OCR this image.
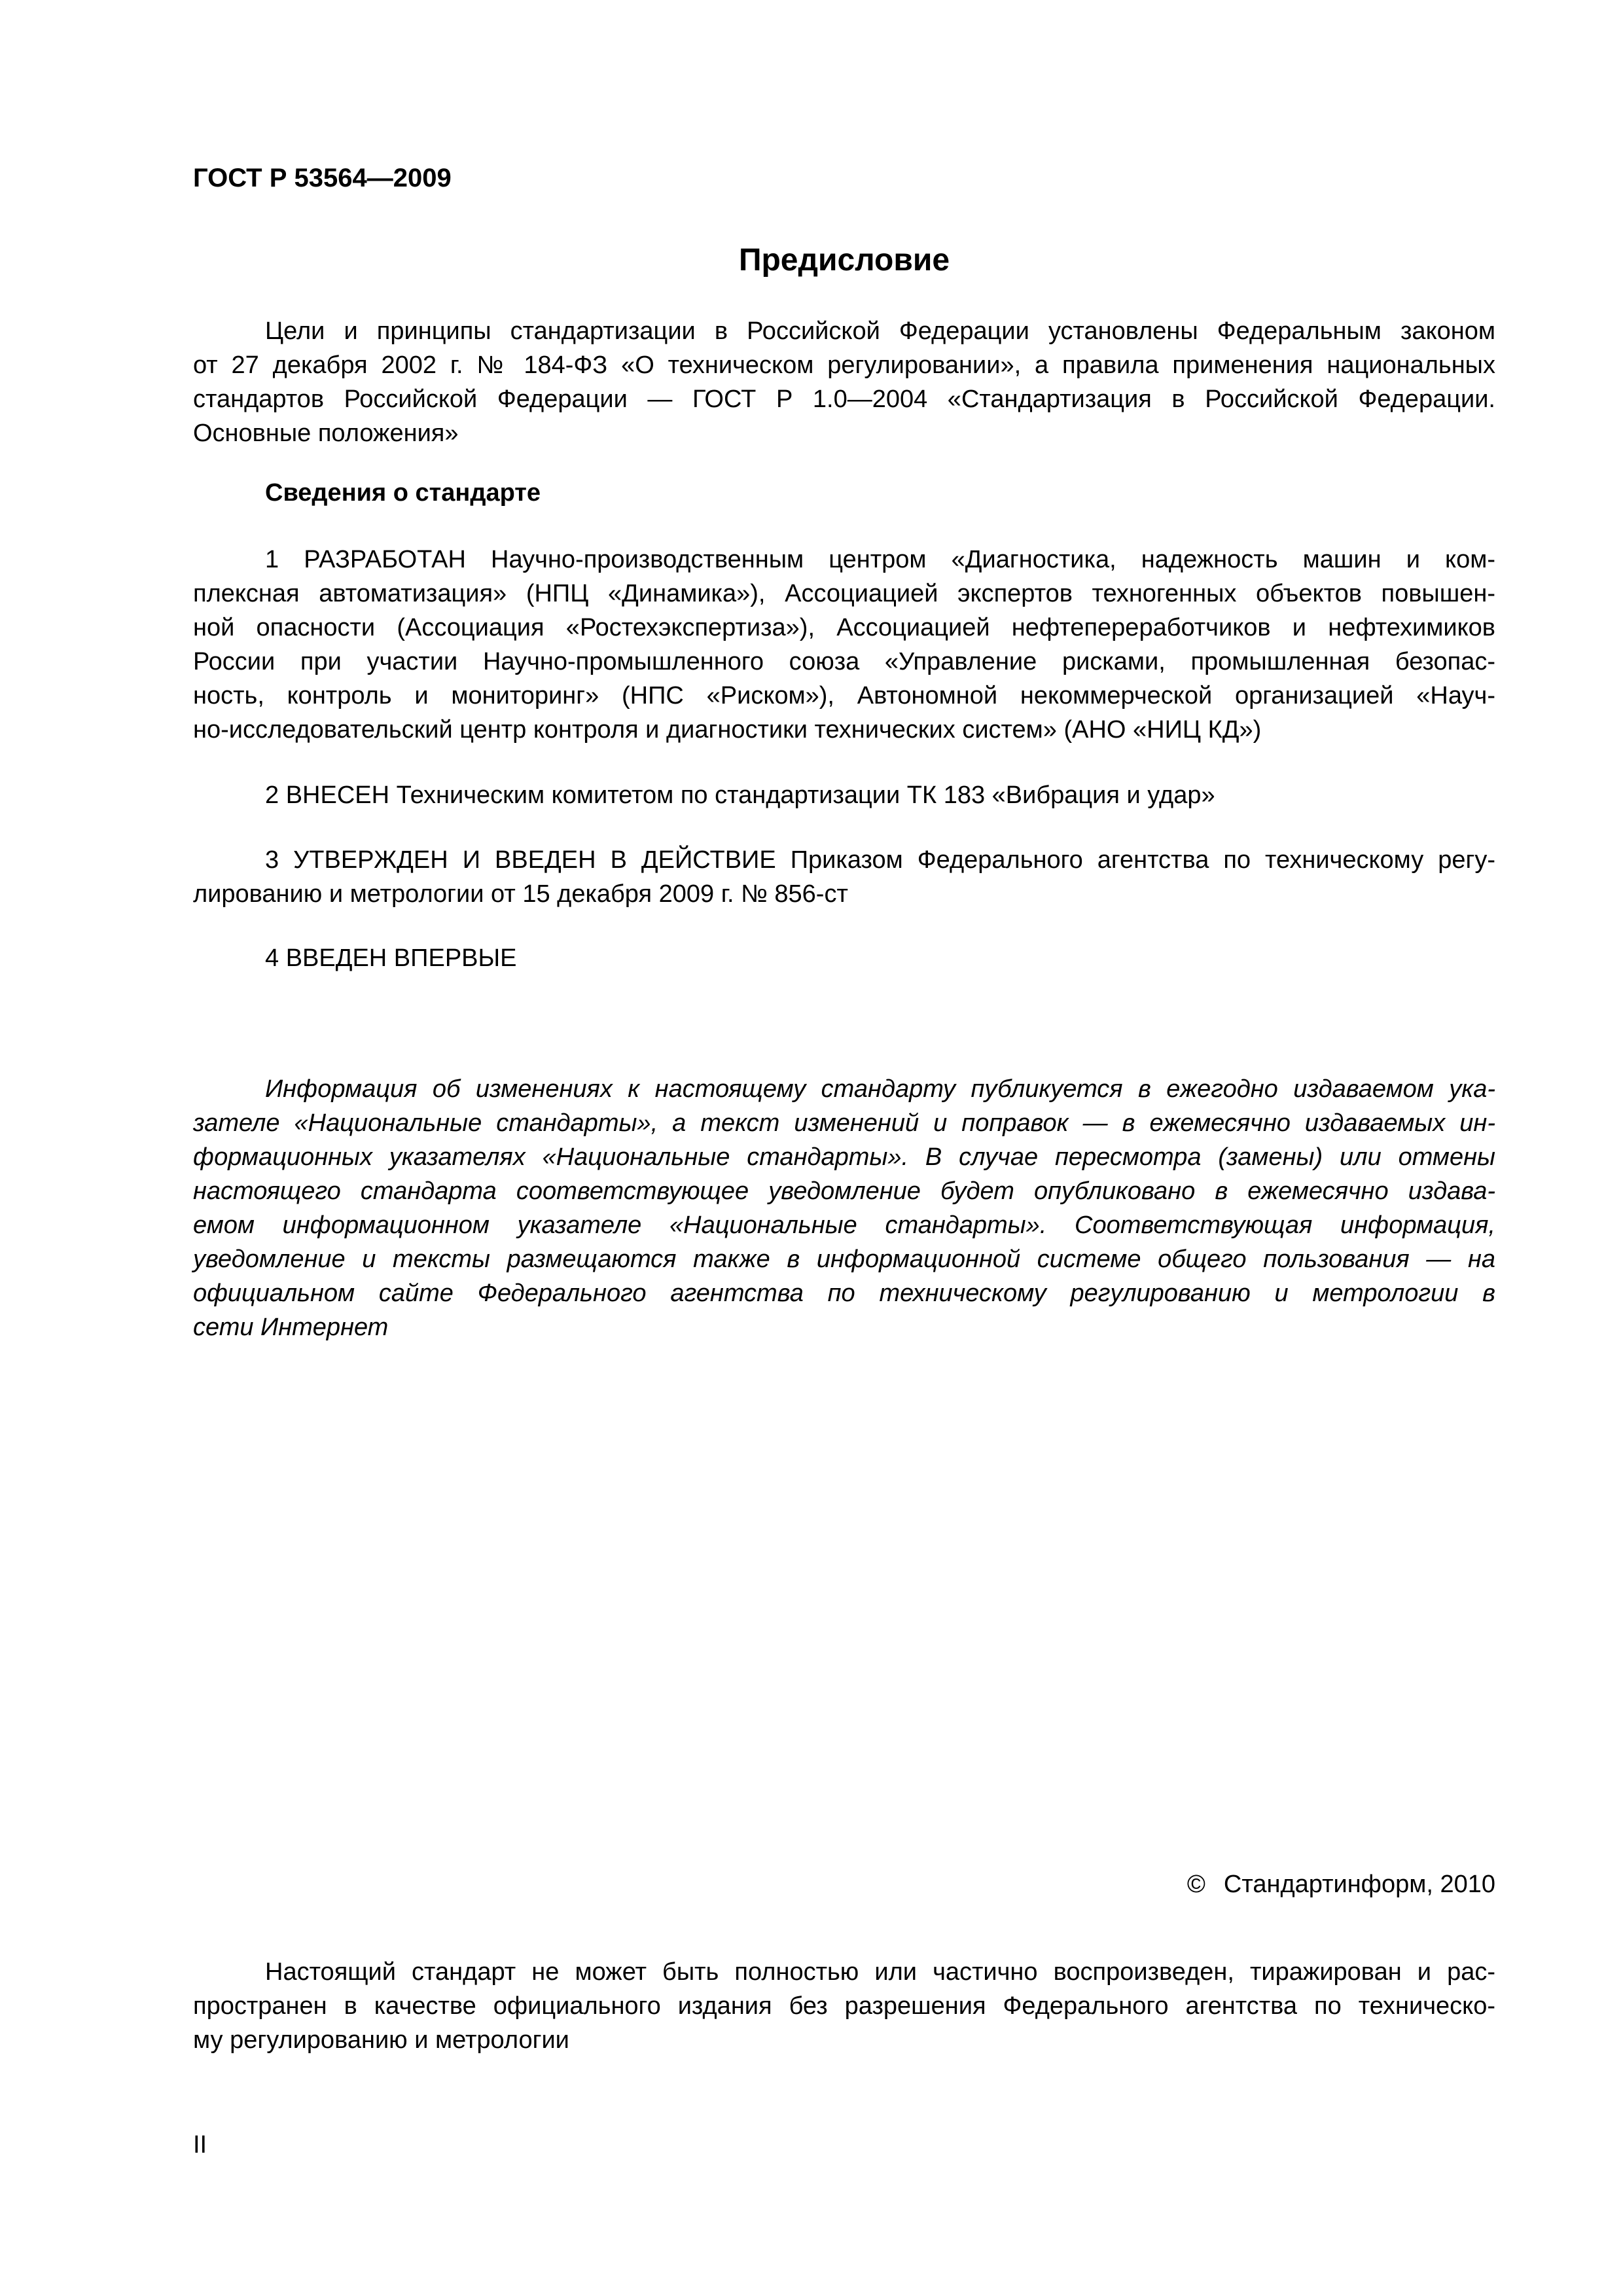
ГОСТ Р 53564—2009
Предисловие
Цели и принципы стандартизации в Российской Федерации установлены Федеральным законом
от 27 декабря 2002 г. № 184-ФЗ «О техническом регулировании», а правила применения национальных
стандартов Российской Федерации — ГОСТ Р 1.0—2004 «Стандартизация в Российской Федерации.
Основные положения»
Сведения о стандарте
1 РАЗРАБОТАН Научно-производственным центром «Диагностика, надежность машин и ком-
плексная автоматизация» (НПЦ «Динамика»), Ассоциацией экспертов техногенных объектов повышен-
ной опасности (Ассоциация «Ростехэкспертиза»), Ассоциацией нефтепереработчиков и нефтехимиков
России при участии Научно-промышленного союза «Управление рисками, промышленная безопас-
ность, контроль и мониторинг» (НПС «Риском»), Автономной некоммерческой организацией «Науч-
но-исследовательский центр контроля и диагностики технических систем» (АНО «НИЦ КД»)
2 ВНЕСЕН Техническим комитетом по стандартизации ТК 183 «Вибрация и удар»
3 УТВЕРЖДЕН И ВВЕДЕН В ДЕЙСТВИЕ Приказом Федерального агентства по техническому регу-
лированию и метрологии от 15 декабря 2009 г. № 856-ст
4 ВВЕДЕН ВПЕРВЫЕ
Информация об изменениях к настоящему стандарту публикуется в ежегодно издаваемом ука-
зателе «Национальные стандарты», а текст изменений и поправок — в ежемесячно издаваемых ин-
формационных указателях «Национальные стандарты». В случае пересмотра (замены) или отмены
настоящего стандарта соответствующее уведомление будет опубликовано в ежемесячно издава-
емом информационном указателе «Национальные стандарты». Соответствующая информация,
уведомление и тексты размещаются также в информационной системе общего пользования — на
официальном сайте Федерального агентства по техническому регулированию и метрологии в
сети Интернет
© Стандартинформ, 2010
Настоящий стандарт не может быть полностью или частично воспроизведен, тиражирован и рас-
пространен в качестве официального издания без разрешения Федерального агентства по техническо-
му регулированию и метрологии
II
